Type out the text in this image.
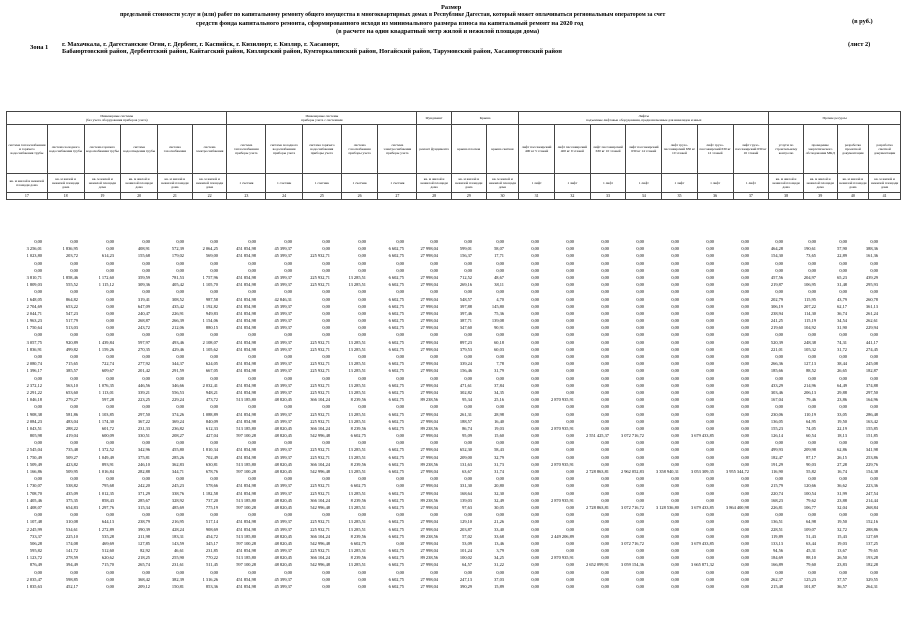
Размер
предельной стоимости услуг и (или) работ по капитальному ремонту общего имущества в многоквартирных домах в Республике Дагестан, который может оплачиваться региональным оператором за счет
средств фонда капитального ремонта, сформированного исходя из минимального размера взноса на капитальный ремонт на 2020 год	(в руб.)
(в расчете на один квадратный метр жилой и нежилой площади дома)
Зона 1	(лист 2)
г. Махачкала, г. Дагестанские Огни, г. Дербент, г. Каспийск, г. Кизилюрт, г. Кизляр, г. Хасавюрт,
Бабаюртовский район, Дербентский район, Кайтагский район, Кизлярский район, Кумторкалинский район, Ногайский район, Тарумовский район, Хасавюртовский район
Инженерные системы
(без учета оборудования приборов учета)						Инженерные системы
приборы учета с системами					Фундамент	Крыша		Лифты
подъемные лифтовые оборудования, предназначенные для инвалидов и иных							Прочие ресурсы			
система теплоснабжения и горячего водоснабжения трубы	система холодного водоснабжения трубы	система горячего водоснабжения трубы	система водоотведения трубы	система газоснабжения	система электроснабжения	система теплоснабжения приборы учета	система холодного водоснабжения приборы учета	система горячего водоснабжения приборы учета	система газоснабжения приборы учета	система электроснабжения приборы учета	ремонт фундамента	крыша плоская	крыша скатная	лифт пассажирский 400 кг 5 этажей	лифт пассажирский 400 кг 9 этажей	лифт пассажирский 630 кг 10 этажей	лифт пассажирский 630 кг 14 этажей	лифт грузо-пассажирский 630 кг 10 этажей	лифт грузо-пассажирский 630 кг 12 этажей	лифт грузо-пассажирский 630 кг 16 этажей	услуги по строительному контролю	проведение энергетического обследования МКД	разработка проектной документации	разработка сметной документации
кв. м жилой и нежилой площади дома	кв. м жилой и нежилой площади дома	кв. м жилой и нежилой площади дома	кв. м жилой и нежилой площади дома	кв. м жилой и нежилой площади дома	кв. м жилой и нежилой площади дома	1 счетчик	1 счетчик	1 счетчик	1 счетчик	1 счетчик	кв. м жилой и нежилой площади дома	кв. м жилой и нежилой площади дома	кв. м жилой и нежилой площади дома	1 лифт	1 лифт	1 лифт	1 лифт	1 лифт	1 лифт	1 лифт	кв. м жилой и нежилой площади дома	кв. м жилой и нежилой площади дома	кв. м жилой и нежилой площади дома	кв. м жилой и нежилой площади дома
17	18	19	20	21	22	23	24	25	26	27	28	29	30	31	32	33	34	35	36	37	38	39	40	41
0,00	0,00	0,00	0,00	0,00	0,00	0,00	0,00	0,00	0,00	0,00	0,00	0,00	0,00	0,00	0,00	0,00	0,00	0,00	0,00	0,00	0,00	0,00	0,00	0,00
3 256,01	1 836,95	0,00	408,91	572,39	2 064,25	451 854,98	45 399,37	0,00	0,00	6 602,75	27 998,04	599,01	58,07	0,00	0,00	0,00	0,00	0,00	0,00	0,00	464,28	190,61	57,90	388,36
1 023,80	203,72	614,23	155,68	179,02	569,00	451 854,98	45 399,37	225 932,71	0,00	6 602,75	27 998,04	156,37	17,71	0,00	0,00	0,00	0,00	0,00	0,00	0,00	154,30	73,65	22,89	161,36
0,00	0,00	0,00	0,00	0,00	0,00	0,00	0,00	0,00	0,00	0,00	0,00	0,00	0,00	0,00	0,00	0,00	0,00	0,00	0,00	0,00	0,00	0,00	0,00	0,00
0,00	0,00	0,00	0,00	0,00	0,00	0,00	0,00	0,00	0,00	0,00	0,00	0,00	0,00	0,00	0,00	0,00	0,00	0,00	0,00	0,00	0,00	0,00	0,00	0,00
3 810,71	1 858,46	1 172,60	359,59	781,53	1 757,96	451 854,98	45 399,37	225 932,71	13 285,51	6 602,75	27 998,04	712,52	48,67	0,00	0,00	0,00	0,00	0,00	0,00	0,00	457,56	204,97	65,23	439,29
1 809,03	555,52	1 115,12	309,36	405,42	1 105,70	451 854,98	45 399,37	225 932,71	13 285,51	6 602,75	27 998,04	269,16	38,11	0,00	0,00	0,00	0,00	0,00	0,00	0,00	219,87	106,95	31,48	295,93
0,00	0,00	0,00	0,00	0,00	0,00	0,00	0,00	0,00	0,00	0,00	0,00	0,00	0,00	0,00	0,00	0,00	0,00	0,00	0,00	0,00	0,00	0,00	0,00	0,00
1 648,05	864,82	0,00	319,41	308,52	987,58	451 854,98	42 846,31	0,00	0,00	6 602,75	27 998,04	548,57	4,70	0,00	0,00	0,00	0,00	0,00	0,00	0,00	202,79	115,95	43,79	260,78
2 704,69	653,22	0,00	647,09	435,42	1 192,82	451 854,98	45 399,37	0,00	0,00	6 602,75	27 998,04	397,88	145,80	0,00	0,00	0,00	0,00	0,00	0,00	0,00	306,19	207,22	62,17	361,13
2 044,71	547,23	0,00	240,47	226,91	949,83	451 854,98	45 399,37	0,00	0,00	6 602,75	27 998,04	397,46	75,36	0,00	0,00	0,00	0,00	0,00	0,00	0,00	238,94	114,30	36,74	261,24
1 963,23	517,79	0,00	268,87	266,39	1 154,06	451 854,98	45 399,37	0,00	0,00	6 602,75	27 998,04	387,71	139,08	0,00	0,00	0,00	0,00	0,00	0,00	0,00	241,25	115,19	34,54	262,61
1 750,64	513,03	0,00	243,72	212,06	880,15	451 854,98	45 399,37	0,00	0,00	6 602,75	27 998,04	347,60	90,91	0,00	0,00	0,00	0,00	0,00	0,00	0,00	219,60	104,92	31,90	229,94
0,00	0,00	0,00	0,00	0,00	0,00	0,00	0,00	0,00	0,00	0,00	0,00	0,00	0,00	0,00	0,00	0,00	0,00	0,00	0,00	0,00	0,00	0,00	0,00	0,00
3 057,75	920,89	1 439,84	597,97	493,46	2 108,07	451 854,98	45 399,37	225 932,71	13 285,51	6 602,75	27 998,04	897,23	60,18	0,00	0,00	0,00	0,00	0,00	0,00	0,00	520,39	248,38	74,31	441,17
1 836,91	499,82	1 159,26	270,35	429,46	1 105,62	451 854,98	45 399,37	225 932,71	13 285,51	6 602,75	27 998,04	379,53	60,03	0,00	0,00	0,00	0,00	0,00	0,00	0,00	221,01	105,32	31,72	274,45
0,00	0,00	0,00	0,00	0,00	0,00	0,00	0,00	0,00	0,00	0,00	0,00	0,00	0,00	0,00	0,00	0,00	0,00	0,00	0,00	0,00	0,00	0,00	0,00	0,00
2 080,74	715,65	722,74	277,92	344,37	624,05	451 854,98	45 399,37	225 932,71	13 285,51	6 602,75	27 998,04	339,24	7,78	0,00	0,00	0,00	0,00	0,00	0,00	0,00	266,36	127,13	38,44	245,08
1 396,17	385,57	609,67	201,42	291,59	667,05	451 854,98	45 399,37	225 932,71	13 285,51	6 602,75	27 998,04	156,46	31,79	0,00	0,00	0,00	0,00	0,00	0,00	0,00	185,66	88,52	26,65	182,87
0,00	0,00	0,00	0,00	0,00	0,00	0,00	0,00	0,00	0,00	0,00	0,00	0,00	0,00	0,00	0,00	0,00	0,00	0,00	0,00	0,00	0,00	0,00	0,00	0,00
2 372,12	563,10	1 076,35	446,56	346,66	2 032,41	451 854,98	45 399,37	225 932,71	13 285,51	6 602,75	27 998,04	471,61	37,84	0,00	0,00	0,00	0,00	0,00	0,00	0,00	433,29	214,96	64,49	374,88
2 291,22	653,60	1 113,01	339,21	556,53	948,21	451 854,98	45 399,37	225 932,71	13 285,51	6 602,75	27 998,04	302,82	34,35	0,00	0,00	0,00	0,00	0,00	0,00	0,00	303,46	206,13	29,88	297,50
1 046,18	279,27	597,28	223,25	229,24	473,72	513 185,80	48 820,45	366 104,24	8 239,56	6 602,75	89 238,56	95,34	25,16	0,00	2 870 935,91	0,00	0,00	0,00	0,00	0,00	167,04	79,46	23,86	164,96
0,00	0,00	0,00	0,00	0,00	0,00	0,00	0,00	0,00	0,00	0,00	0,00	0,00	0,00	0,00	0,00	0,00	0,00	0,00	0,00	0,00	0,00	0,00	0,00	0,00
1 908,38	581,86	1 103,85	297,50	374,26	1 088,89	451 854,98	45 399,37	225 932,71	13 285,51	6 602,75	27 998,04	261,31	28,98	0,00	0,00	0,00	0,00	0,00	0,00	0,00	230,06	110,19	33,05	286,48
2 084,23	483,04	1 174,30	367,22	369,24	840,09	451 854,98	45 399,37	225 932,71	13 285,51	6 602,75	27 998,04	188,57	16,40	0,00	0,00	0,00	0,00	0,00	0,00	0,00	136,05	64,95	19,50	163,42
1 043,51	288,22	601,72	231,33	236,82	612,33	513 185,80	48 820,45	366 104,24	8 239,56	6 602,75	89 238,56	86,74	19,03	0,00	2 870 935,91	0,00	0,00	0,00	0,00	0,00	155,23	74,05	22,19	155,85
805,98	419,04	600,09	330,51	208,27	427,04	597 100,28	48 820,45	542 996,48	6 602,75	0,00	27 998,04	95,09	15,60	0,00	0,00	2 551 425,37	3 072 716,72	0,00	3 679 433,85	0,00	126,14	60,54	18,13	151,85
0,00	0,00	0,00	0,00	0,00	0,00	0,00	0,00	0,00	0,00	0,00	0,00	0,00	0,00	0,00	0,00	0,00	0,00	0,00	0,00	0,00	0,00	0,00	0,00	0,00
2 545,04	735,48	1 372,52	342,96	455,80	1 810,34	451 854,98	45 399,37	225 932,71	13 285,51	6 602,75	27 998,04	652,30	58,43	0,00	0,00	0,00	0,00	0,00	0,00	0,00	499,93	209,98	62,86	341,98
1 750,49	509,27	1 049,49	375,81	285,26	702,49	451 854,98	45 399,37	225 932,71	13 285,51	6 602,75	27 998,04	209,00	32,79	0,00	0,00	0,00	0,00	0,00	0,00	0,00	182,47	87,17	26,15	253,86
1 509,49	423,82	893,91	246,10	362,83	630,81	513 185,80	48 820,45	366 104,24	8 239,56	6 602,75	89 238,56	131,63	31,73	0,00	2 870 935,91	0,00	0,00	0,00	0,00	0,00	191,29	90,03	27,28	229,76
1 166,86	509,95	1 016,84	282,88	344,71	678,76	597 100,28	48 820,45	542 996,48	13 285,51	6 602,75	27 998,04	63,67	31,74	0,00	0,00	2 728 863,81	2 962 052,83	3 358 940,31	3 053 309,35	3 955 344,72	116,90	55,82	16,74	154,38
0,00	0,00	0,00	0,00	0,00	0,00	0,00	0,00	0,00	0,00	0,00	0,00	0,00	0,00	0,00	0,00	0,00	0,00	0,00	0,00	0,00	0,00	0,00	0,00	0,00
1 730,07	538,82	795,68	242,20	245,23	578,66	451 854,98	45 399,37	225 932,71	6 602,75	0,00	27 998,04	331,30	20,80	0,00	0,00	0,00	0,00	0,00	0,00	0,00	215,79	120,66	36,62	223,36
1 708,70	435,09	1 012,35	371,29	338,76	1 182,58	451 854,98	45 399,37	225 932,71	13 285,51	6 602,75	27 998,04	168,64	32,30	0,00	0,00	0,00	0,00	0,00	0,00	0,00	220,74	100,54	31,99	247,54
1 405,46	375,35	858,43	285,67	328,92	737,20	513 185,80	48 820,45	366 104,24	8 239,56	6 602,75	89 238,56	139,03	32,49	0,00	2 870 935,91	0,00	0,00	0,00	0,00	0,00	168,23	79,62	23,88	214,44
1 408,07	654,83	1 297,76	315,34	485,69	775,19	597 100,28	48 820,45	542 996,48	13 285,51	6 602,75	27 998,04	97,63	30,05	0,00	0,00	2 728 863,81	3 072 716,72	3 128 536,80	3 679 433,85	3 864 400,98	226,81	106,77	32,04	268,84
0,00	0,00	0,00	0,00	0,00	0,00	0,00	0,00	0,00	0,00	0,00	0,00	0,00	0,00	0,00	0,00	0,00	0,00	0,00	0,00	0,00	0,00	0,00	0,00	0,00
1 107,48	310,08	644,13	238,79	216,95	517,14	451 854,98	45 399,37	225 932,71	13 285,51	6 602,75	27 998,04	129,10	21,26	0,00	0,00	0,00	0,00	0,00	0,00	0,00	136,51	64,98	19,50	152,16
2 245,99	534,61	1 272,89	390,39	428,24	908,69	451 854,98	45 399,37	225 932,71	13 285,51	6 602,75	27 998,04	203,87	33,40	0,00	0,00	0,00	0,00	0,00	0,00	0,00	228,51	109,07	32,72	288,86
733,37	225,10	535,28	211,98	183,31	454,72	513 185,80	48 820,45	366 104,24	8 239,56	6 602,75	89 238,56	57,02	33,68	0,00	2 449 206,89	0,00	0,00	0,00	0,00	0,00	119,89	51,43	15,43	127,69
506,28	174,08	469,69	127,85	143,59	345,17	597 100,28	48 820,45	542 996,48	6 602,75	0,00	27 998,04	53,09	13,46	0,00	0,00	0,00	3 072 716,72	0,00	3 679 433,85	0,00	133,13	63,44	19,03	137,25
595,82	141,72	512,60	82,92	46,61	231,85	451 854,98	45 399,37	225 932,71	13 285,51	6 602,75	27 998,04	101,24	3,79	0,00	0,00	0,00	0,00	0,00	0,00	0,00	94,56	45,31	13,67	79,65
1 123,72	278,59	620,62	218,25	255,90	770,22	513 185,80	48 820,45	366 104,24	8 239,56	6 602,75	89 238,56	100,02	34,25	0,00	2 870 935,91	0,00	0,00	0,00	0,00	0,00	184,69	88,10	26,50	193,28
876,49	394,49	715,70	265,74	231,61	511,45	597 100,28	48 820,45	542 996,48	13 285,51	6 602,75	27 998,04	64,57	31,22	0,00	0,00	2 652 099,91	3 059 154,36	0,00	3 665 871,32	0,00	166,89	79,60	23,83	182,28
0,00	0,00	0,00	0,00	0,00	0,00	0,00	0,00	0,00	0,00	0,00	0,00	0,00	0,00	0,00	0,00	0,00	0,00	0,00	0,00	0,00	0,00	0,00	0,00	0,00
2 035,47	598,85	0,00	368,42	382,39	1 316,26	451 854,98	45 399,37	0,00	0,00	6 602,75	27 998,04	247,13	37,03	0,00	0,00	0,00	0,00	0,00	0,00	0,00	262,37	125,23	37,57	329,55
1 835,63	452,17	0,00	209,12	150,81	853,36	451 854,98	45 399,37	0,00	0,00	6 602,75	27 998,04	390,29	15,89	0,00	0,00	0,00	0,00	0,00	0,00	0,00	215,48	101,87	36,57	264,31
